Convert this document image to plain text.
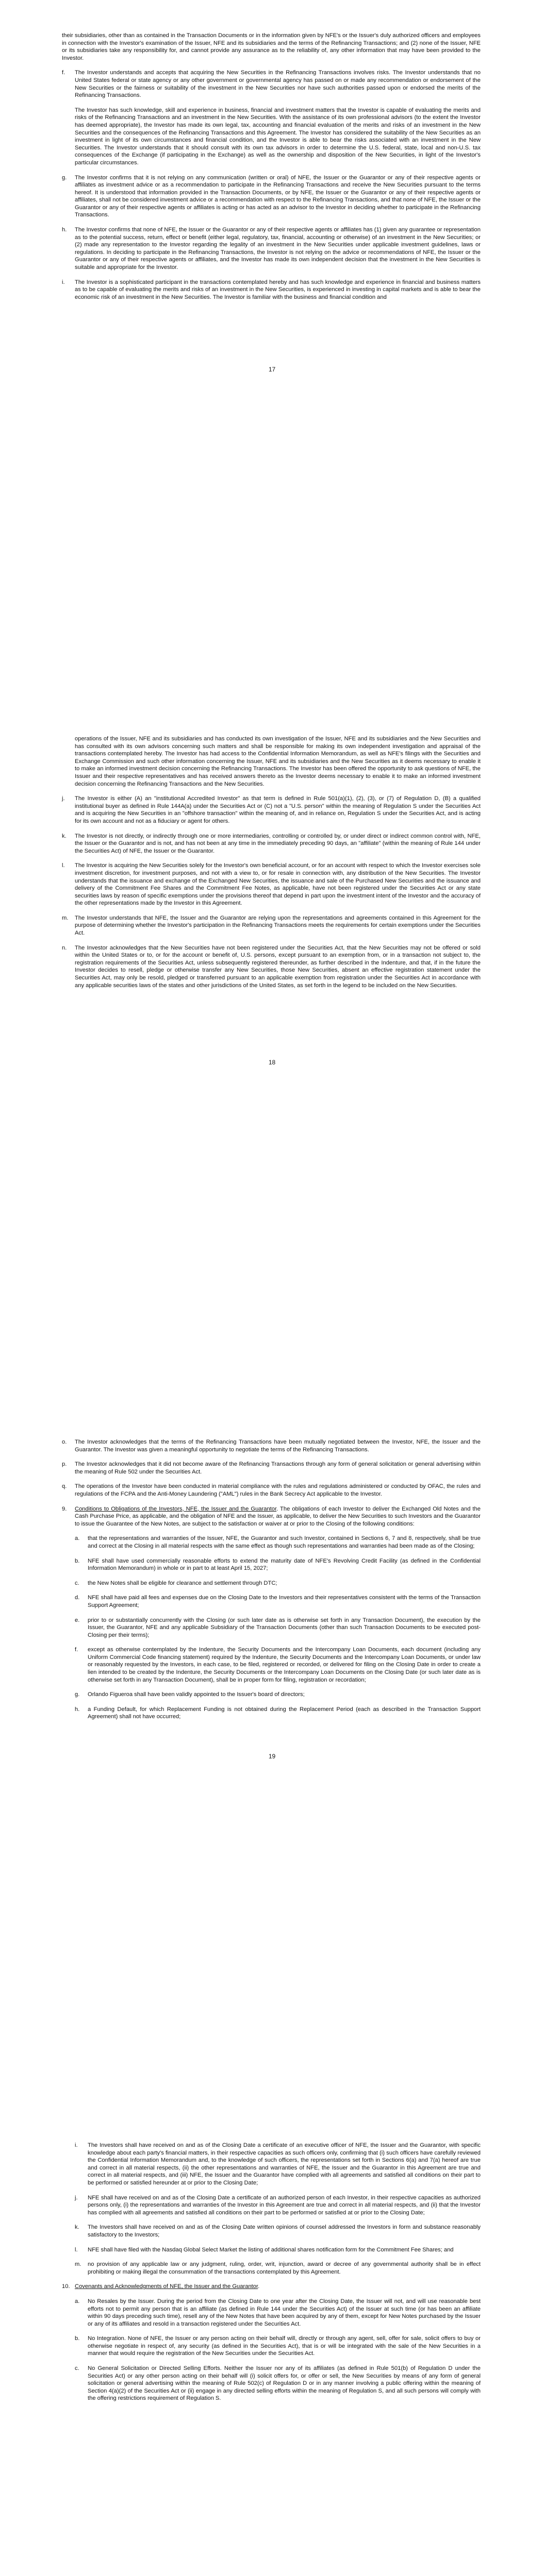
their subsidiaries, other than as contained in the Transaction Documents or in the information given by NFE's or the Issuer's duly authorized officers and employees in connection with the Investor's examination of the Issuer, NFE and its subsidiaries and the terms of the Refinancing Transactions; and (2) none of the Issuer, NFE or its subsidiaries take any responsibility for, and cannot provide any assurance as to the reliability of, any other information that may have been provided to the Investor.
f. The Investor understands and accepts that acquiring the New Securities in the Refinancing Transactions involves risks. The Investor understands that no United States federal or state agency or any other government or governmental agency has passed on or made any recommendation or endorsement of the New Securities or the fairness or suitability of the investment in the New Securities nor have such authorities passed upon or endorsed the merits of the Refinancing Transactions.
The Investor has such knowledge, skill and experience in business, financial and investment matters that the Investor is capable of evaluating the merits and risks of the Refinancing Transactions and an investment in the New Securities. With the assistance of its own professional advisors (to the extent the Investor has deemed appropriate), the Investor has made its own legal, tax, accounting and financial evaluation of the merits and risks of an investment in the New Securities and the consequences of the Refinancing Transactions and this Agreement. The Investor has considered the suitability of the New Securities as an investment in light of its own circumstances and financial condition, and the Investor is able to bear the risks associated with an investment in the New Securities. The Investor understands that it should consult with its own tax advisors in order to determine the U.S. federal, state, local and non-U.S. tax consequences of the Exchange (if participating in the Exchange) as well as the ownership and disposition of the New Securities, in light of the Investor's particular circumstances.
g. The Investor confirms that it is not relying on any communication (written or oral) of NFE, the Issuer or the Guarantor or any of their respective agents or affiliates as investment advice or as a recommendation to participate in the Refinancing Transactions and receive the New Securities pursuant to the terms hereof. It is understood that information provided in the Transaction Documents, or by NFE, the Issuer or the Guarantor or any of their respective agents or affiliates, shall not be considered investment advice or a recommendation with respect to the Refinancing Transactions, and that none of NFE, the Issuer or the Guarantor or any of their respective agents or affiliates is acting or has acted as an advisor to the Investor in deciding whether to participate in the Refinancing Transactions.
h. The Investor confirms that none of NFE, the Issuer or the Guarantor or any of their respective agents or affiliates has (1) given any guarantee or representation as to the potential success, return, effect or benefit (either legal, regulatory, tax, financial, accounting or otherwise) of an investment in the New Securities; or (2) made any representation to the Investor regarding the legality of an investment in the New Securities under applicable investment guidelines, laws or regulations. In deciding to participate in the Refinancing Transactions, the Investor is not relying on the advice or recommendations of NFE, the Issuer or the Guarantor or any of their respective agents or affiliates, and the Investor has made its own independent decision that the investment in the New Securities is suitable and appropriate for the Investor.
i. The Investor is a sophisticated participant in the transactions contemplated hereby and has such knowledge and experience in financial and business matters as to be capable of evaluating the merits and risks of an investment in the New Securities, is experienced in investing in capital markets and is able to bear the economic risk of an investment in the New Securities. The Investor is familiar with the business and financial condition and
17
operations of the Issuer, NFE and its subsidiaries and has conducted its own investigation of the Issuer, NFE and its subsidiaries and the New Securities and has consulted with its own advisors concerning such matters and shall be responsible for making its own independent investigation and appraisal of the transactions contemplated hereby. The Investor has had access to the Confidential Information Memorandum, as well as NFE's filings with the Securities and Exchange Commission and such other information concerning the Issuer, NFE and its subsidiaries and the New Securities as it deems necessary to enable it to make an informed investment decision concerning the Refinancing Transactions. The Investor has been offered the opportunity to ask questions of NFE, the Issuer and their respective representatives and has received answers thereto as the Investor deems necessary to enable it to make an informed investment decision concerning the Refinancing Transactions and the New Securities.
j. The Investor is either (A) an "institutional Accredited Investor" as that term is defined in Rule 501(a)(1), (2), (3), or (7) of Regulation D, (B) a qualified institutional buyer as defined in Rule 144A(a) under the Securities Act or (C) not a "U.S. person" within the meaning of Regulation S under the Securities Act and is acquiring the New Securities in an "offshore transaction" within the meaning of, and in reliance on, Regulation S under the Securities Act, and is acting for its own account and not as a fiduciary or agent for others.
k. The Investor is not directly, or indirectly through one or more intermediaries, controlling or controlled by, or under direct or indirect common control with, NFE, the Issuer or the Guarantor and is not, and has not been at any time in the immediately preceding 90 days, an "affiliate" (within the meaning of Rule 144 under the Securities Act) of NFE, the Issuer or the Guarantor.
l. The Investor is acquiring the New Securities solely for the Investor's own beneficial account, or for an account with respect to which the Investor exercises sole investment discretion, for investment purposes, and not with a view to, or for resale in connection with, any distribution of the New Securities. The Investor understands that the issuance and exchange of the Exchanged New Securities, the issuance and sale of the Purchased New Securities and the issuance and delivery of the Commitment Fee Shares and the Commitment Fee Notes, as applicable, have not been registered under the Securities Act or any state securities laws by reason of specific exemptions under the provisions thereof that depend in part upon the investment intent of the Investor and the accuracy of the other representations made by the Investor in this Agreement.
m. The Investor understands that NFE, the Issuer and the Guarantor are relying upon the representations and agreements contained in this Agreement for the purpose of determining whether the Investor's participation in the Refinancing Transactions meets the requirements for certain exemptions under the Securities Act.
n. The Investor acknowledges that the New Securities have not been registered under the Securities Act, that the New Securities may not be offered or sold within the United States or to, or for the account or benefit of, U.S. persons, except pursuant to an exemption from, or in a transaction not subject to, the registration requirements of the Securities Act, unless subsequently registered thereunder, as further described in the Indenture, and that, if in the future the Investor decides to resell, pledge or otherwise transfer any New Securities, those New Securities, absent an effective registration statement under the Securities Act, may only be resold, pledged or transferred pursuant to an applicable exemption from registration under the Securities Act in accordance with any applicable securities laws of the states and other jurisdictions of the United States, as set forth in the legend to be included on the New Securities.
18
o. The Investor acknowledges that the terms of the Refinancing Transactions have been mutually negotiated between the Investor, NFE, the Issuer and the Guarantor. The Investor was given a meaningful opportunity to negotiate the terms of the Refinancing Transactions.
p. The Investor acknowledges that it did not become aware of the Refinancing Transactions through any form of general solicitation or general advertising within the meaning of Rule 502 under the Securities Act.
q. The operations of the Investor have been conducted in material compliance with the rules and regulations administered or conducted by OFAC, the rules and regulations of the FCPA and the Anti-Money Laundering ("AML") rules in the Bank Secrecy Act applicable to the Investor.
9. Conditions to Obligations of the Investors, NFE, the Issuer and the Guarantor. The obligations of each Investor to deliver the Exchanged Old Notes and the Cash Purchase Price, as applicable, and the obligation of NFE and the Issuer, as applicable, to deliver the New Securities to such Investors and the Guarantor to issue the Guarantee of the New Notes, are subject to the satisfaction or waiver at or prior to the Closing of the following conditions:
a. that the representations and warranties of the Issuer, NFE, the Guarantor and such Investor, contained in Sections 6, 7 and 8, respectively, shall be true and correct at the Closing in all material respects with the same effect as though such representations and warranties had been made as of the Closing;
b. NFE shall have used commercially reasonable efforts to extend the maturity date of NFE's Revolving Credit Facility (as defined in the Confidential Information Memorandum) in whole or in part to at least April 15, 2027;
c. the New Notes shall be eligible for clearance and settlement through DTC;
d. NFE shall have paid all fees and expenses due on the Closing Date to the Investors and their representatives consistent with the terms of the Transaction Support Agreement;
e. prior to or substantially concurrently with the Closing (or such later date as is otherwise set forth in any Transaction Document), the execution by the Issuer, the Guarantor, NFE and any applicable Subsidiary of the Transaction Documents (other than such Transaction Documents to be executed post-Closing per their terms);
f. except as otherwise contemplated by the Indenture, the Security Documents and the Intercompany Loan Documents, each document (including any Uniform Commercial Code financing statement) required by the Indenture, the Security Documents and the Intercompany Loan Documents, or under law or reasonably requested by the Investors, in each case, to be filed, registered or recorded, or delivered for filing on the Closing Date in order to create a lien intended to be created by the Indenture, the Security Documents or the Intercompany Loan Documents on the Closing Date (or such later date as is otherwise set forth in any Transaction Document), shall be in proper form for filing, registration or recordation;
g. Orlando Figueroa shall have been validly appointed to the Issuer's board of directors;
h. a Funding Default, for which Replacement Funding is not obtained during the Replacement Period (each as described in the Transaction Support Agreement) shall not have occurred;
19
i. The Investors shall have received on and as of the Closing Date a certificate of an executive officer of NFE, the Issuer and the Guarantor, with specific knowledge about each party's financial matters, in their respective capacities as such officers only, confirming that (i) such officers have carefully reviewed the Confidential Information Memorandum and, to the knowledge of such officers, the representations set forth in Sections 6(a) and 7(a) hereof are true and correct in all material respects, (ii) the other representations and warranties of NFE, the Issuer and the Guarantor in this Agreement are true and correct in all material respects, and (iii) NFE, the Issuer and the Guarantor have complied with all agreements and satisfied all conditions on their part to be performed or satisfied hereunder at or prior to the Closing Date;
j. NFE shall have received on and as of the Closing Date a certificate of an authorized person of each Investor, in their respective capacities as authorized persons only, (i) the representations and warranties of the Investor in this Agreement are true and correct in all material respects, and (ii) that the Investor has complied with all agreements and satisfied all conditions on their part to be performed or satisfied at or prior to the Closing Date;
k. The Investors shall have received on and as of the Closing Date written opinions of counsel addressed the Investors in form and substance reasonably satisfactory to the Investors;
l. NFE shall have filed with the Nasdaq Global Select Market the listing of additional shares notification form for the Commitment Fee Shares; and
m. no provision of any applicable law or any judgment, ruling, order, writ, injunction, award or decree of any governmental authority shall be in effect prohibiting or making illegal the consummation of the transactions contemplated by this Agreement.
10. Covenants and Acknowledgments of NFE, the Issuer and the Guarantor.
a. No Resales by the Issuer. During the period from the Closing Date to one year after the Closing Date, the Issuer will not, and will use reasonable best efforts not to permit any person that is an affiliate (as defined in Rule 144 under the Securities Act) of the Issuer at such time (or has been an affiliate within 90 days preceding such time), resell any of the New Notes that have been acquired by any of them, except for New Notes purchased by the Issuer or any of its affiliates and resold in a transaction registered under the Securities Act.
b. No Integration. None of NFE, the Issuer or any person acting on their behalf will, directly or through any agent, sell, offer for sale, solicit offers to buy or otherwise negotiate in respect of, any security (as defined in the Securities Act), that is or will be integrated with the sale of the New Securities in a manner that would require the registration of the New Securities under the Securities Act.
c. No General Solicitation or Directed Selling Efforts. Neither the Issuer nor any of its affiliates (as defined in Rule 501(b) of Regulation D under the Securities Act) or any other person acting on their behalf will (i) solicit offers for, or offer or sell, the New Securities by means of any form of general solicitation or general advertising within the meaning of Rule 502(c) of Regulation D or in any manner involving a public offering within the meaning of Section 4(a)(2) of the Securities Act or (ii) engage in any directed selling efforts within the meaning of Regulation S, and all such persons will comply with the offering restrictions requirement of Regulation S.
